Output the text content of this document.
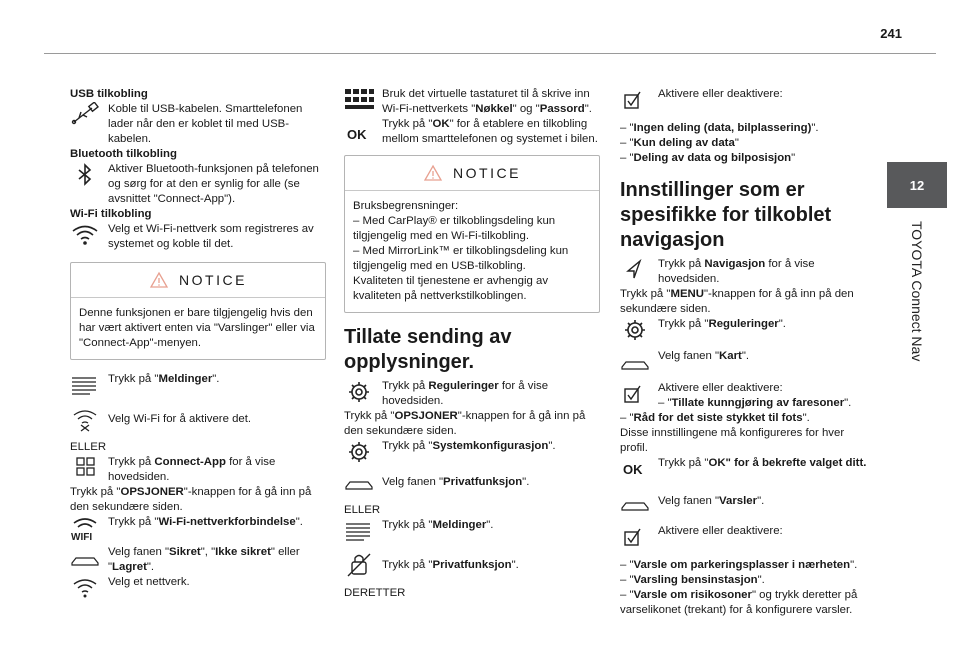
241
12
TOYOTA Connect Nav

USB tilkobling

Koble til USB-kabelen. Smarttelefonen lader når den er koblet til med USB-kabelen.

Bluetooth tilkobling

Aktiver Bluetooth-funksjonen på telefonen og sørg for at den er synlig for alle (se avsnittet "Connect-App").

Wi-Fi tilkobling

Velg et Wi-Fi-nettverk som registreres av systemet og koble til det.

NOTICE

Denne funksjonen er bare tilgjengelig hvis den har vært aktivert enten via "Varslinger" eller via "Connect-App"-menyen.

Trykk på "Meldinger".

Velg Wi-Fi for å aktivere det.

ELLER

Trykk på Connect-App for å vise hovedsiden.

Trykk på "OPSJONER"-knappen for å gå inn på den sekundære siden.

WIFI

Trykk på "Wi-Fi-nettverkforbindelse".

Velg fanen "Sikret", "Ikke sikret" eller "Lagret".

Velg et nettverk.

Bruk det virtuelle tastaturet til å skrive inn Wi-Fi-nettverkets "Nøkkel" og "Passord".

OK

Trykk på "OK" for å etablere en tilkobling mellom smarttelefonen og systemet i bilen.

NOTICE

Bruksbegrensninger:

– Med CarPlay® er tilkoblingsdeling kun tilgjengelig med en Wi-Fi-tilkobling.

– Med MirrorLink™ er tilkoblingsdeling kun tilgjengelig med en USB-tilkobling.

Kvaliteten til tjenestene er avhengig av kvaliteten på nettverkstilkoblingen.

Tillate sending av opplysninger.

Trykk på Reguleringer for å vise hovedsiden.

Trykk på "OPSJONER"-knappen for å gå inn på den sekundære siden.

Trykk på "Systemkonfigurasjon".

Velg fanen "Privatfunksjon".

ELLER

Trykk på "Meldinger".

Trykk på "Privatfunksjon".

DERETTER

Aktivere eller deaktivere:

– "Ingen deling (data, bilplassering)".

– "Kun deling av data"

– "Deling av data og bilposisjon"

Innstillinger som er spesifikke for tilkoblet navigasjon

Trykk på Navigasjon for å vise hovedsiden.

Trykk på "MENU"-knappen for å gå inn på den sekundære siden.

Trykk på "Reguleringer".

Velg fanen "Kart".

Aktivere eller deaktivere:
– "Tillate kunngjøring av faresoner".

– "Råd for det siste stykket til fots".

Disse innstillingene må konfigureres for hver profil.

OK	Trykk på "OK" for å bekrefte valget ditt.

Velg fanen "Varsler".

Aktivere eller deaktivere:

– "Varsle om parkeringsplasser i nærheten".

– "Varsling bensinstasjon".

– "Varsle om risikosoner" og trykk deretter på varselikonet (trekant) for å konfigurere varsler.
